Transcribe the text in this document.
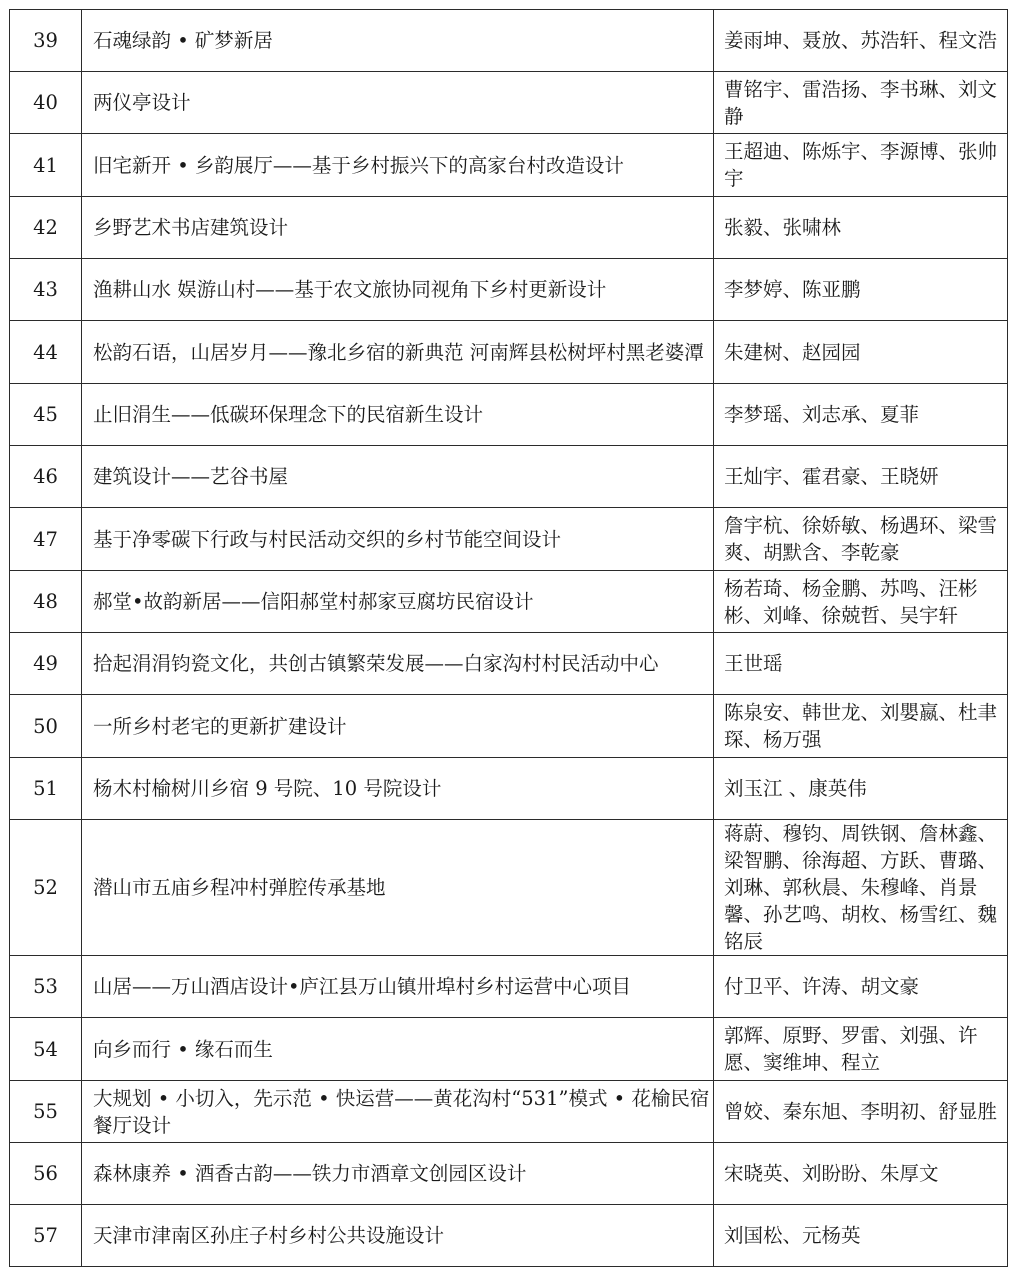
39	石魂绿韵 • 矿梦新居	姜雨坤、聂放、苏浩轩、程文浩
40	两仪亭设计	曹铭宇、雷浩扬、李书琳、刘文静
41	旧宅新开 • 乡韵展厅——基于乡村振兴下的高家台村改造设计	王超迪、陈烁宇、李源博、张帅宇
42	乡野艺术书店建筑设计	张毅、张啸林
43	渔耕山水 娱游山村——基于农文旅协同视角下乡村更新设计	李梦婷、陈亚鹏
44	松韵石语，山居岁月——豫北乡宿的新典范 河南辉县松树坪村黑老婆潭	朱建树、赵园园
45	止旧涓生——低碳环保理念下的民宿新生设计	李梦瑶、刘志承、夏菲
46	建筑设计——艺谷书屋	王灿宇、霍君豪、王晓妍
47	基于净零碳下行政与村民活动交织的乡村节能空间设计	詹宇杭、徐娇敏、杨遇环、梁雪爽、胡默含、李乾豪
48	郝堂•故韵新居——信阳郝堂村郝家豆腐坊民宿设计	杨若琦、杨金鹏、苏鸣、汪彬彬、刘峰、徐兢哲、吴宇轩
49	拾起涓涓钧瓷文化，共创古镇繁荣发展——白家沟村村民活动中心	王世瑶
50	一所乡村老宅的更新扩建设计	陈泉安、韩世龙、刘嬰嬴、杜聿琛、杨万强
51	杨木村榆树川乡宿 9 号院、10 号院设计	刘玉江 、康英伟
52	潜山市五庙乡程冲村弹腔传承基地	蒋蔚、穆钧、周铁钢、詹林鑫、梁智鹏、徐海超、方跃、曹璐、刘琳、郭秋晨、朱穆峰、肖景馨、孙艺鸣、胡枚、杨雪红、魏铭辰
53	山居——万山酒店设计•庐江县万山镇卅埠村乡村运营中心项目	付卫平、许涛、胡文豪
54	向乡而行 • 缘石而生	郭辉、原野、罗雷、刘强、许愿、窦维坤、程立
55	大规划 • 小切入，先示范 • 快运营——黄花沟村“531”模式 • 花榆民宿餐厅设计	曾姣、秦东旭、李明初、舒显胜
56	森林康养 • 酒香古韵——铁力市酒章文创园区设计	宋晓英、刘盼盼、朱厚文
57	天津市津南区孙庄子村乡村公共设施设计	刘国松、元杨英
